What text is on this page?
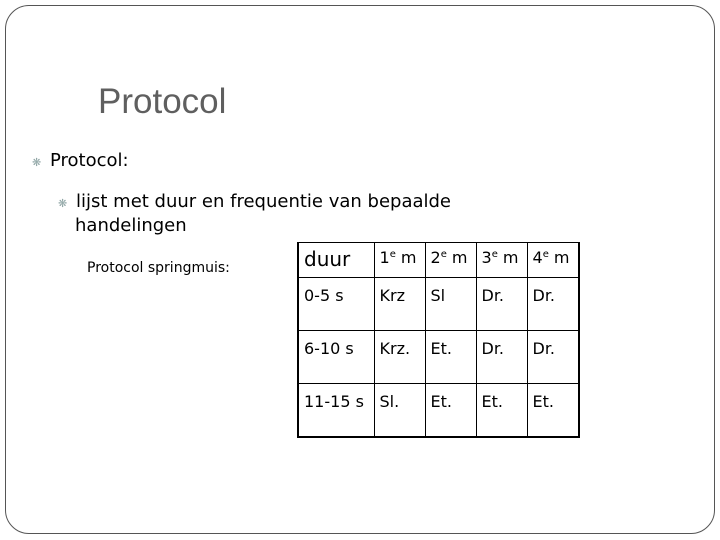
Protocol
❋ Protocol:
❋ lijst met duur en frequentie van bepaalde
handelingen
Protocol springmuis:	duur	1e m	2e m	3e m	4e m
0-5 s	Krz	Sl	Dr.	Dr.
6-10 s	Krz.	Et.	Dr.	Dr.
11-15 s	Sl.	Et.	Et.	Et.
